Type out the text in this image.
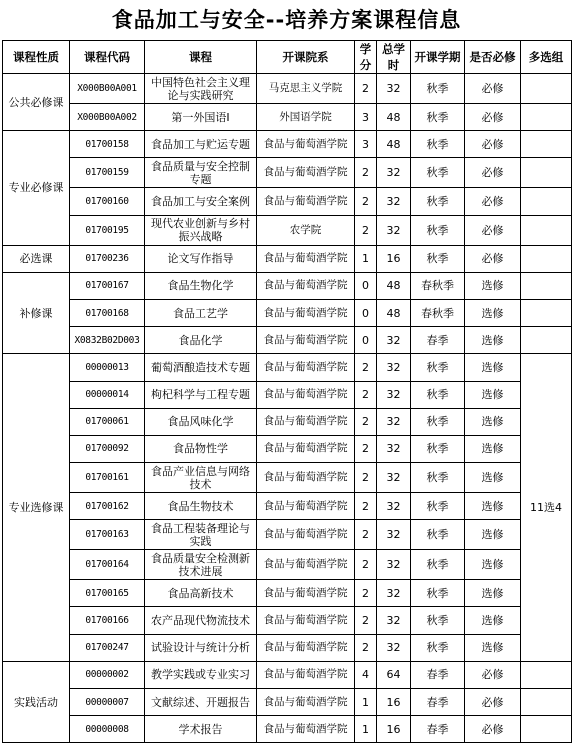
食品加工与安全--培养方案课程信息
课程性质	课程代码	课程	开课院系	学分	总学时	开课学期	是否必修	多选组
公共必修课	X000B00A001	中国特色社会主义理论与实践研究	马克思主义学院	2	32	秋季	必修	
	X000B00A002	第一外国语I	外国语学院	3	48	秋季	必修	
专业必修课	01700158	食品加工与贮运专题	食品与葡萄酒学院	3	48	秋季	必修	
	01700159	食品质量与安全控制专题	食品与葡萄酒学院	2	32	秋季	必修	
	01700160	食品加工与安全案例	食品与葡萄酒学院	2	32	秋季	必修	
	01700195	现代农业创新与乡村振兴战略	农学院	2	32	秋季	必修	
必选课	01700236	论文写作指导	食品与葡萄酒学院	1	16	秋季	必修	
补修课	01700167	食品生物化学	食品与葡萄酒学院	0	48	春秋季	选修	
	01700168	食品工艺学	食品与葡萄酒学院	0	48	春秋季	选修	
	X0832B02D003	食品化学	食品与葡萄酒学院	0	32	春季	选修	
专业选修课	00000013	葡萄酒酿造技术专题	食品与葡萄酒学院	2	32	秋季	选修	11选4
	00000014	枸杞科学与工程专题	食品与葡萄酒学院	2	32	秋季	选修	
	01700061	食品风味化学	食品与葡萄酒学院	2	32	秋季	选修	
	01700092	食品物性学	食品与葡萄酒学院	2	32	秋季	选修	
	01700161	食品产业信息与网络技术	食品与葡萄酒学院	2	32	秋季	选修	
	01700162	食品生物技术	食品与葡萄酒学院	2	32	秋季	选修	
	01700163	食品工程装备理论与实践	食品与葡萄酒学院	2	32	秋季	选修	
	01700164	食品质量安全检测新技术进展	食品与葡萄酒学院	2	32	秋季	选修	
	01700165	食品高新技术	食品与葡萄酒学院	2	32	秋季	选修	
	01700166	农产品现代物流技术	食品与葡萄酒学院	2	32	秋季	选修	
	01700247	试验设计与统计分析	食品与葡萄酒学院	2	32	秋季	选修	
实践活动	00000002	教学实践或专业实习	食品与葡萄酒学院	4	64	春季	必修	
	00000007	文献综述、开题报告	食品与葡萄酒学院	1	16	春季	必修	
	00000008	学术报告	食品与葡萄酒学院	1	16	春季	必修	
